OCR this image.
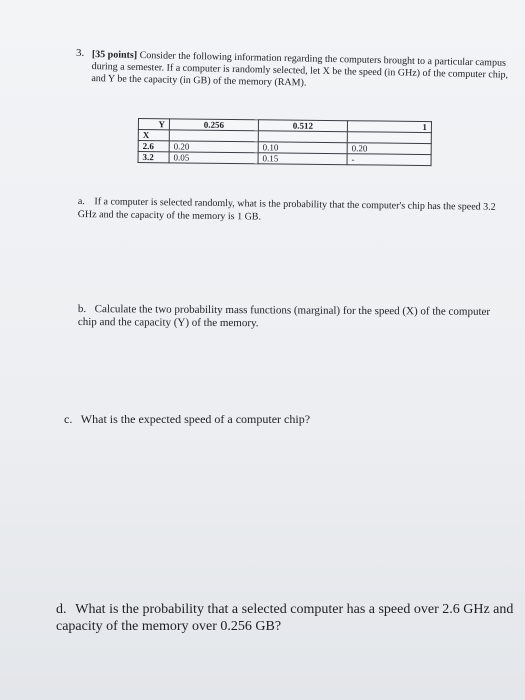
3. [35 points] Consider the following information regarding the computers brought to a particular campus during a semester. If a computer is randomly selected, let X be the speed (in GHz) of the computer chip, and Y be the capacity (in GB) of the memory (RAM).
Y	0.256	0.512	1
X			
2.6	0.20	0.10	0.20
3.2	0.05	0.15	-
a. If a computer is selected randomly, what is the probability that the computer's chip has the speed 3.2 GHz and the capacity of the memory is 1 GB.
b. Calculate the two probability mass functions (marginal) for the speed (X) of the computer chip and the capacity (Y) of the memory.
c. What is the expected speed of a computer chip?
d. What is the probability that a selected computer has a speed over 2.6 GHz and capacity of the memory over 0.256 GB?
